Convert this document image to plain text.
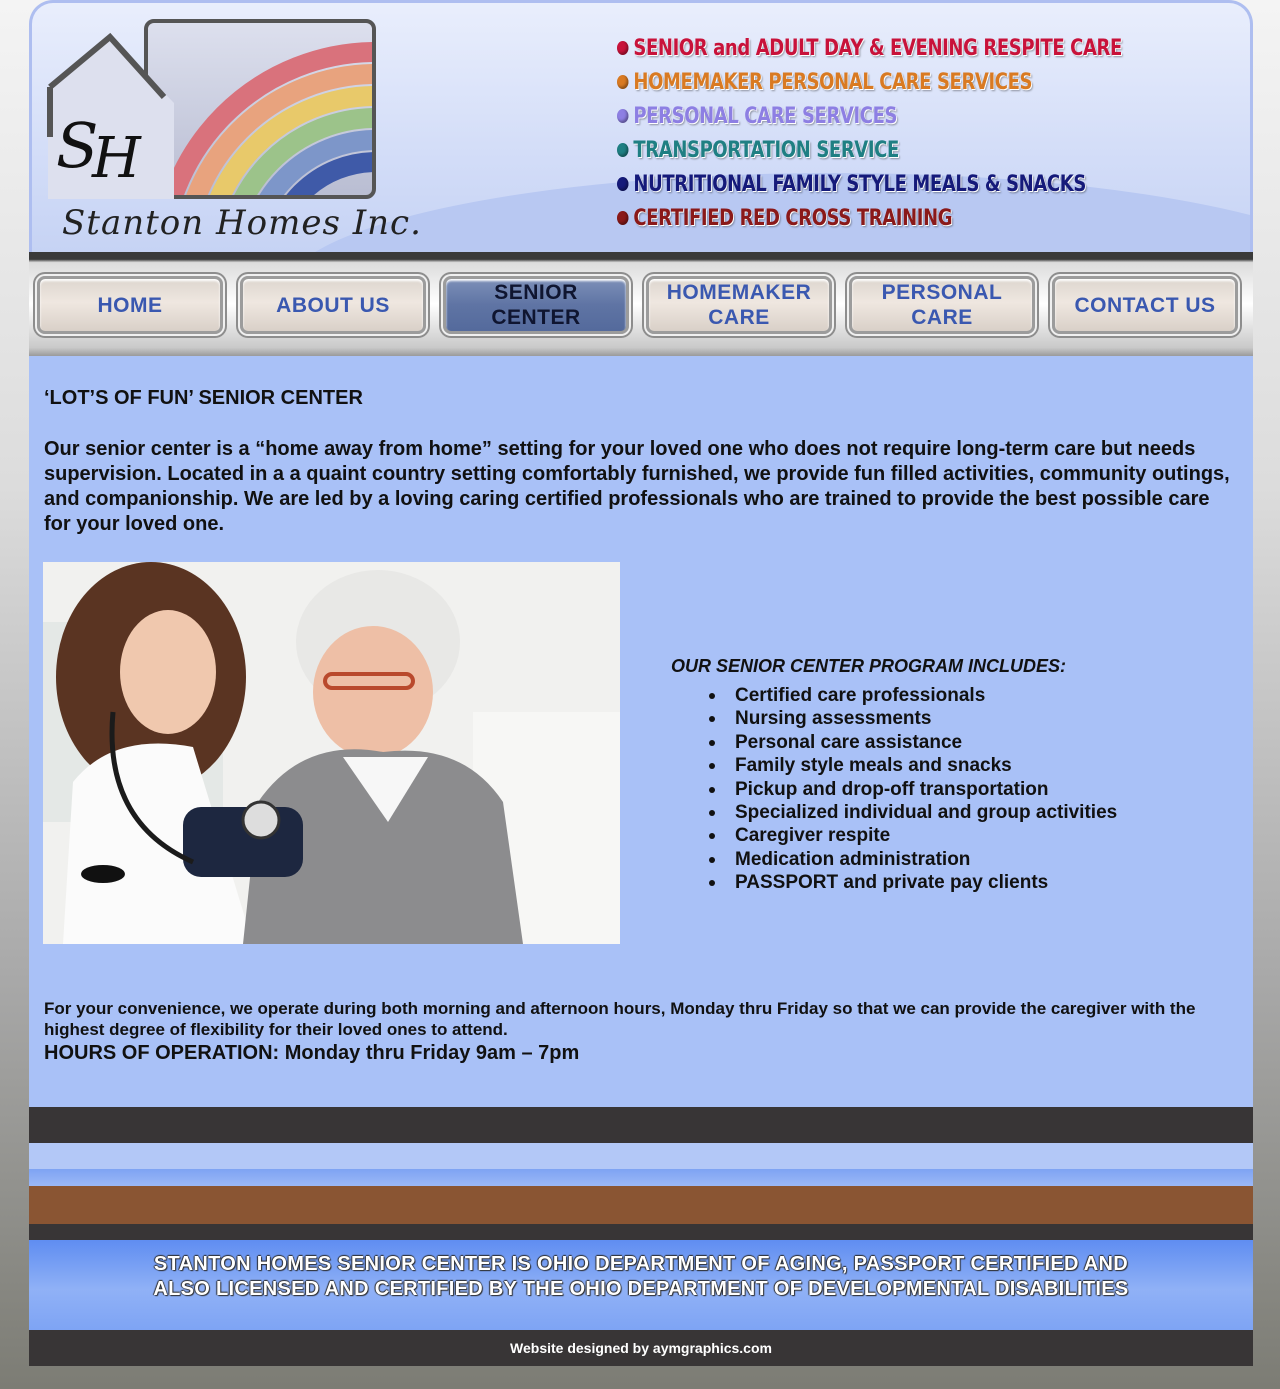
S
H
Stanton Homes Inc.
SENIOR and ADULT DAY & EVENING RESPITE CARE
HOMEMAKER PERSONAL CARE SERVICES
PERSONAL CARE SERVICES
TRANSPORTATION SERVICE
NUTRITIONAL FAMILY STYLE MEALS & SNACKS
CERTIFIED RED CROSS TRAINING
HOME	ABOUT US
SENIOR
CENTER
HOMEMAKER
CARE
PERSONAL
CARE
CONTACT US
‘LOT’S OF FUN’ SENIOR CENTER
Our senior center is a “home away from home” setting for your loved one who does not require long-term care but needs supervision. Located in a a quaint country setting comfortably furnished, we provide fun filled activities, community outings, and companionship. We are led by a loving caring certified professionals who are trained to provide the best possible care for your loved one.
OUR SENIOR CENTER PROGRAM INCLUDES:
Certified care professionals
Nursing assessments
Personal care assistance
Family style meals and snacks
Pickup and drop-off transportation
Specialized individual and group activities
Caregiver respite
Medication administration
PASSPORT and private pay clients
For your convenience, we operate during both morning and afternoon hours, Monday thru Friday so that we can provide the caregiver with the highest degree of flexibility for their loved ones to attend.
HOURS OF OPERATION: Monday thru Friday 9am – 7pm
STANTON HOMES SENIOR CENTER IS OHIO DEPARTMENT OF AGING, PASSPORT CERTIFIED AND
ALSO LICENSED AND CERTIFIED BY THE OHIO DEPARTMENT OF DEVELOPMENTAL DISABILITIES
Website designed by aymgraphics.com
